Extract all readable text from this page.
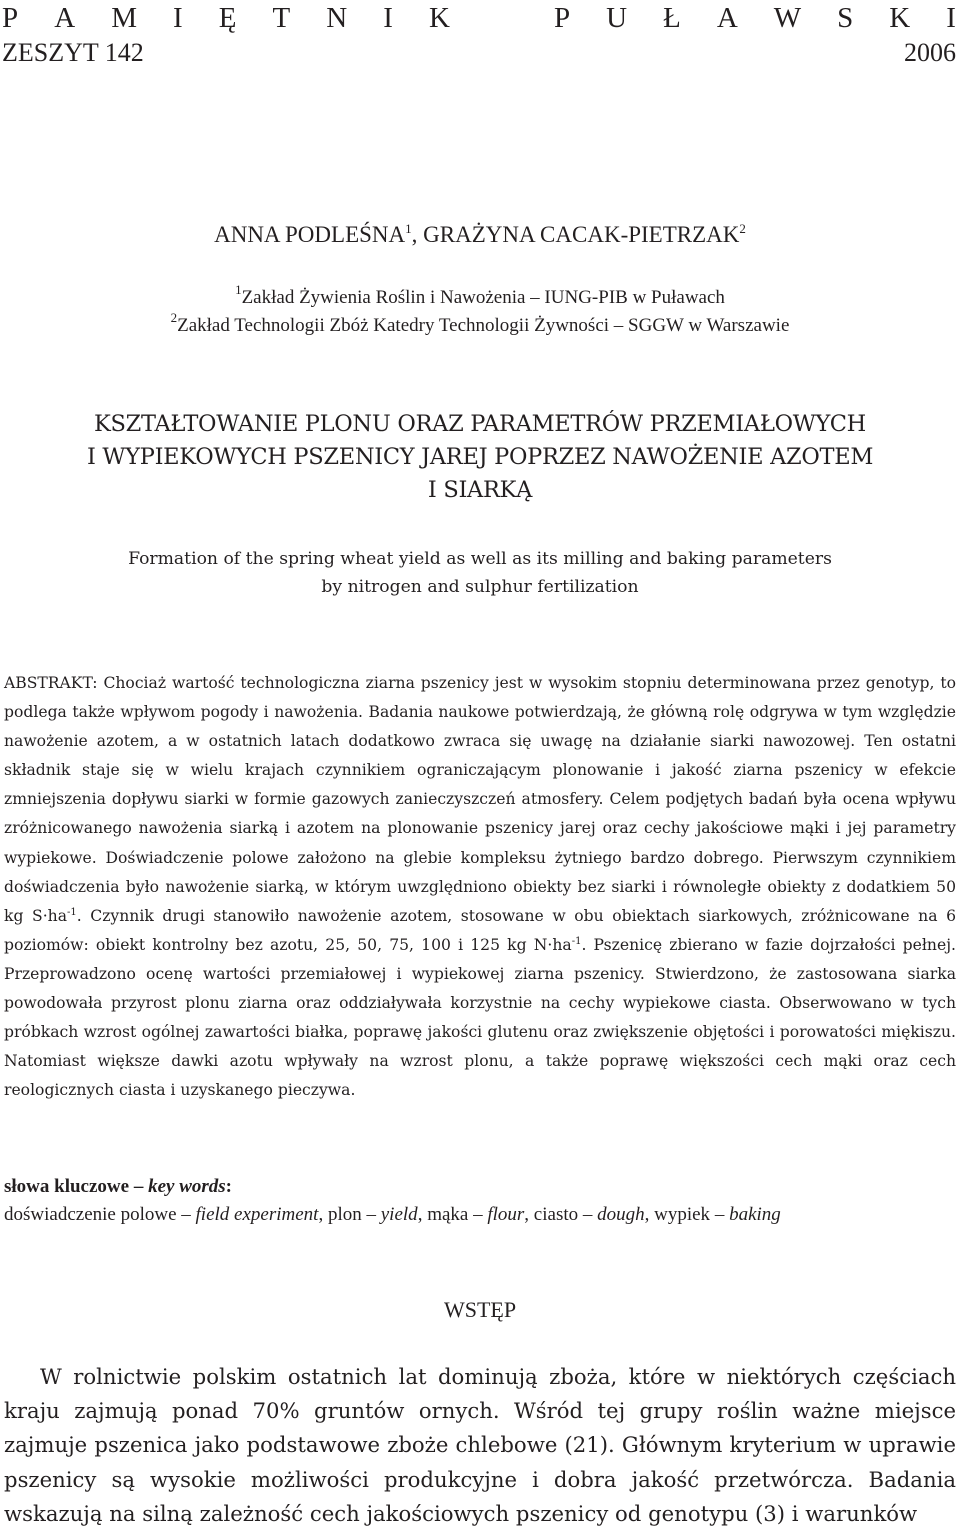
P A M I Ę T N I K	P U Ł A W S K I
ZESZYT 142	2006
ANNA PODLEŚNA$^1$, GRAŻYNA CACAK-PIETRZAK$^2$
$^1$Zakład Żywienia Roślin i Nawożenia – IUNG-PIB w Puławach
$^2$Zakład Technologii Zbóż Katedry Technologii Żywności – SGGW w Warszawie
KSZTAŁTOWANIE PLONU ORAZ PARAMETRÓW PRZEMIAŁOWYCH
I WYPIEKOWYCH PSZENICY JAREJ POPRZEZ NAWOŻENIE AZOTEM
I SIARKĄ
Formation of the spring wheat yield as well as its milling and baking parameters
by nitrogen and sulphur fertilization
ABSTRAKT: Chociaż wartość technologiczna ziarna pszenicy jest w wysokim stopniu determinowana przez genotyp, to podlega także wpływom pogody i nawożenia. Badania naukowe potwierdzają, że główną rolę odgrywa w tym względzie nawożenie azotem, a w ostatnich latach dodatkowo zwraca się uwagę na działanie siarki nawozowej. Ten ostatni składnik staje się w wielu krajach czynnikiem ograniczającym plonowanie i jakość ziarna pszenicy w efekcie zmniejszenia dopływu siarki w formie gazowych zanieczyszczeń atmosfery. Celem podjętych badań była ocena wpływu zróżnicowanego nawożenia siarką i azotem na plonowanie pszenicy jarej oraz cechy jakościowe mąki i jej parametry wypiekowe. Doświadczenie polowe założono na glebie kompleksu żytniego bardzo dobrego. Pierwszym czynnikiem doświadczenia było nawożenie siarką, w którym uwzględniono obiekty bez siarki i równoległe obiekty z dodatkiem 50 kg $S\cdot ha^{-1}$. Czynnik drugi stanowiło nawożenie azotem, stosowane w obu obiektach siarkowych, zróżnicowane na 6 poziomów: obiekt kontrolny bez azotu, 25, 50, 75, 100 i 125 kg $N\cdot ha^{-1}$. Pszenicę zbierano w fazie dojrzałości pełnej. Przeprowadzono ocenę wartości przemiałowej i wypiekowej ziarna pszenicy. Stwierdzono, że zastosowana siarka powodowała przyrost plonu ziarna oraz oddziaływała korzystnie na cechy wypiekowe ciasta. Obserwowano w tych próbkach wzrost ogólnej zawartości białka, poprawę jakości glutenu oraz zwiększenie objętości i porowatości miękiszu. Natomiast większe dawki azotu wpływały na wzrost plonu, a także poprawę większości cech mąki oraz cech reologicznych ciasta i uzyskanego pieczywa.
słowa kluczowe – key words:
doświadczenie polowe – field experiment, plon – yield, mąka – flour, ciasto – dough, wypiek – baking
WSTĘP
W rolnictwie polskim ostatnich lat dominują zboża, które w niektórych częściach kraju zajmują ponad 70% gruntów ornych. Wśród tej grupy roślin ważne miejsce zajmuje pszenica jako podstawowe zboże chlebowe (21). Głównym kryterium w uprawie pszenicy są wysokie możliwości produkcyjne i dobra jakość przetwórcza. Badania wskazują na silną zależność cech jakościowych pszenicy od genotypu (3) i warunków
